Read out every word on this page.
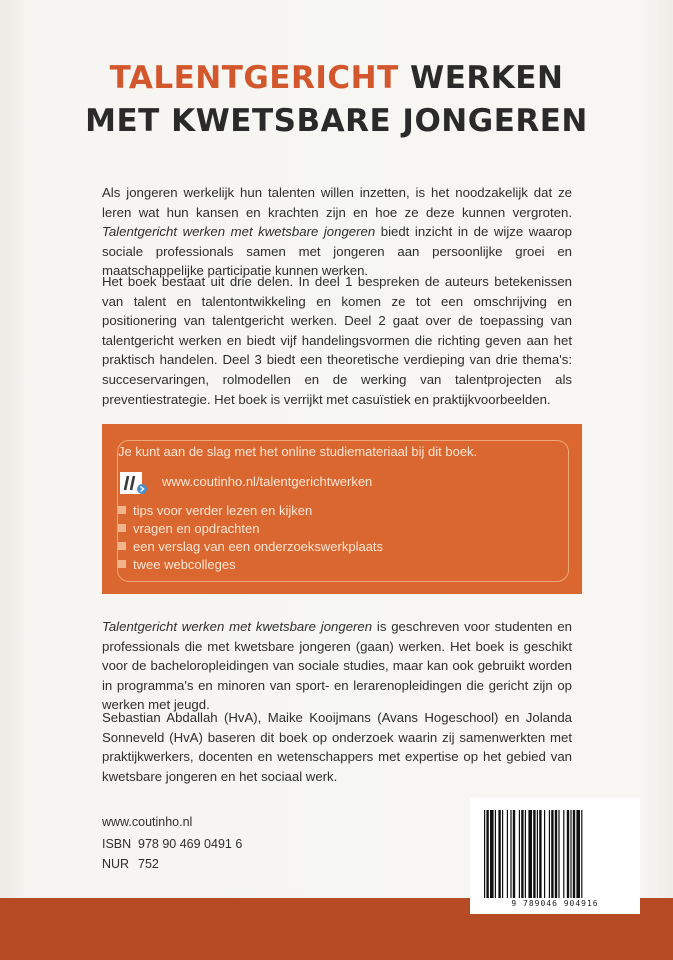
TALENTGERICHT WERKEN
MET KWETSBARE JONGEREN
Als jongeren werkelijk hun talenten willen inzetten, is het noodzakelijk dat ze leren wat hun kansen en krachten zijn en hoe ze deze kunnen vergroten. Talentgericht werken met kwetsbare jongeren biedt inzicht in de wijze waarop sociale professionals samen met jongeren aan persoonlijke groei en maatschappelijke participatie kunnen werken.
Het boek bestaat uit drie delen. In deel 1 bespreken de auteurs betekenissen van talent en talentontwikkeling en komen ze tot een omschrijving en positionering van talentgericht werken. Deel 2 gaat over de toepassing van talentgericht werken en biedt vijf handelingsvormen die richting geven aan het praktisch handelen. Deel 3 biedt een theoretische verdieping van drie thema's: succeservaringen, rolmodellen en de werking van talentprojecten als preventiestrategie. Het boek is verrijkt met casuïstiek en praktijkvoorbeelden.
Je kunt aan de slag met het online studiemateriaal bij dit boek.
www.coutinho.nl/talentgerichtwerken
tips voor verder lezen en kijken
vragen en opdrachten
een verslag van een onderzoekswerkplaats
twee webcolleges
Talentgericht werken met kwetsbare jongeren is geschreven voor studenten en professionals die met kwetsbare jongeren (gaan) werken. Het boek is geschikt voor de bacheloropleidingen van sociale studies, maar kan ook gebruikt worden in programma's en minoren van sport- en lerarenopleidingen die gericht zijn op werken met jeugd.
Sebastian Abdallah (HvA), Maike Kooijmans (Avans Hogeschool) en Jolanda Sonneveld (HvA) baseren dit boek op onderzoek waarin zij samenwerkten met praktijkwerkers, docenten en wetenschappers met expertise op het gebied van kwetsbare jongeren en het sociaal werk.
www.coutinho.nl
ISBN 978 90 469 0491 6
NUR 752
9 789046 904916
